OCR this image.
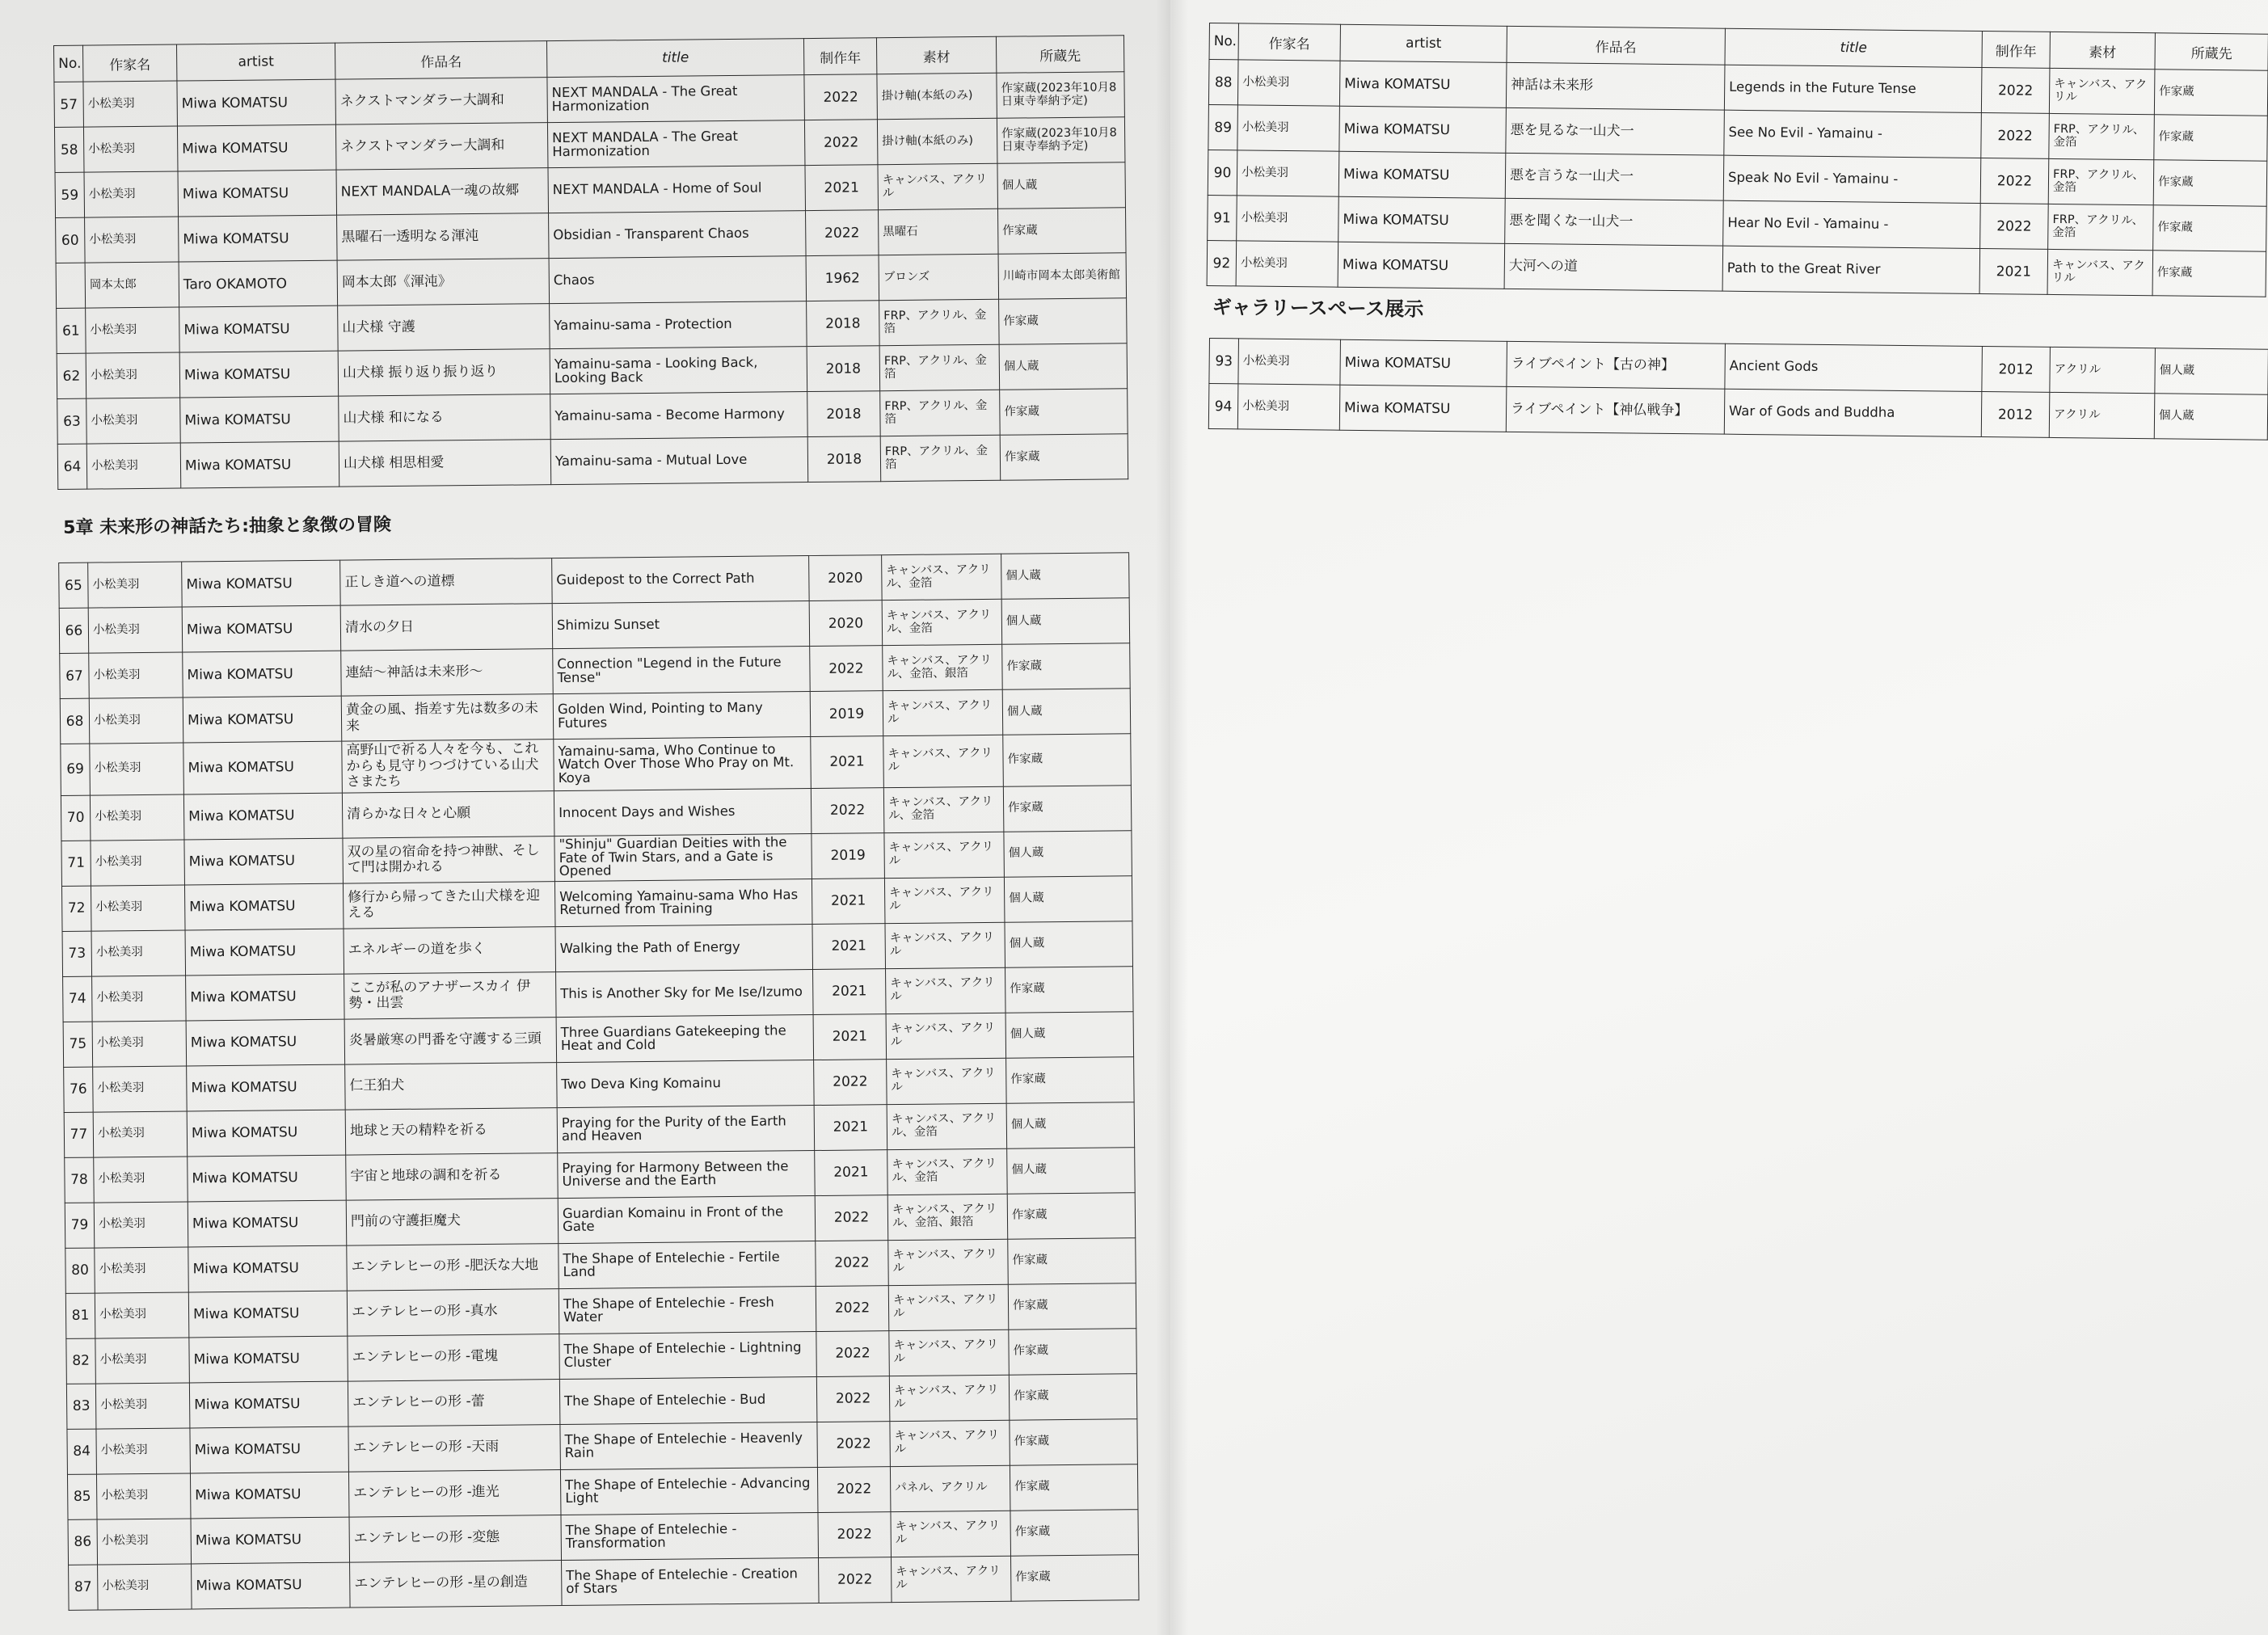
No.	作家名	artist	作品名	title	制作年	素材	所蔵先
57	小松美羽	Miwa KOMATSU	ネクストマンダラー大調和	NEXT MANDALA - The Great Harmonization	2022	掛け軸(本紙のみ)	作家蔵(2023年10月8日東寺奉納予定)
58	小松美羽	Miwa KOMATSU	ネクストマンダラー大調和	NEXT MANDALA - The Great Harmonization	2022	掛け軸(本紙のみ)	作家蔵(2023年10月8日東寺奉納予定)
59	小松美羽	Miwa KOMATSU	NEXT MANDALA一魂の故郷	NEXT MANDALA - Home of Soul	2021	キャンバス、アクリル	個人蔵
60	小松美羽	Miwa KOMATSU	黒曜石一透明なる渾沌	Obsidian - Transparent Chaos	2022	黒曜石	作家蔵
	岡本太郎	Taro OKAMOTO	岡本太郎《渾沌》	Chaos	1962	ブロンズ	川崎市岡本太郎美術館
61	小松美羽	Miwa KOMATSU	山犬様 守護	Yamainu-sama - Protection	2018	FRP、アクリル、金箔	作家蔵
62	小松美羽	Miwa KOMATSU	山犬様 振り返り振り返り	Yamainu-sama - Looking Back, Looking Back	2018	FRP、アクリル、金箔	個人蔵
63	小松美羽	Miwa KOMATSU	山犬様 和になる	Yamainu-sama - Become Harmony	2018	FRP、アクリル、金箔	作家蔵
64	小松美羽	Miwa KOMATSU	山犬様 相思相愛	Yamainu-sama - Mutual Love	2018	FRP、アクリル、金箔	作家蔵
5章 未来形の神話たち:抽象と象徴の冒険							
65	小松美羽	Miwa KOMATSU	正しき道への道標	Guidepost to the Correct Path	2020	キャンバス、アクリル、金箔	個人蔵
66	小松美羽	Miwa KOMATSU	清水の夕日	Shimizu Sunset	2020	キャンバス、アクリル、金箔	個人蔵
67	小松美羽	Miwa KOMATSU	連結〜神話は未来形〜	Connection "Legend in the Future Tense"	2022	キャンバス、アクリル、金箔、銀箔	作家蔵
68	小松美羽	Miwa KOMATSU	黄金の風、指差す先は数多の未来	Golden Wind, Pointing to Many Futures	2019	キャンバス、アクリル	個人蔵
69	小松美羽	Miwa KOMATSU	高野山で祈る人々を今も、これからも見守りつづけている山犬さまたち	Yamainu-sama, Who Continue to Watch Over Those Who Pray on Mt. Koya	2021	キャンバス、アクリル	作家蔵
70	小松美羽	Miwa KOMATSU	清らかな日々と心願	Innocent Days and Wishes	2022	キャンバス、アクリル、金箔	作家蔵
71	小松美羽	Miwa KOMATSU	双の星の宿命を持つ神獣、そして門は開かれる	"Shinju" Guardian Deities with the Fate of Twin Stars, and a Gate is Opened	2019	キャンバス、アクリル	個人蔵
72	小松美羽	Miwa KOMATSU	修行から帰ってきた山犬様を迎える	Welcoming Yamainu-sama Who Has Returned from Training	2021	キャンバス、アクリル	個人蔵
73	小松美羽	Miwa KOMATSU	エネルギーの道を歩く	Walking the Path of Energy	2021	キャンバス、アクリル	個人蔵
74	小松美羽	Miwa KOMATSU	ここが私のアナザースカイ 伊勢・出雲	This is Another Sky for Me Ise/Izumo	2021	キャンバス、アクリル	作家蔵
75	小松美羽	Miwa KOMATSU	炎暑厳寒の門番を守護する三頭	Three Guardians Gatekeeping the Heat and Cold	2021	キャンバス、アクリル	個人蔵
76	小松美羽	Miwa KOMATSU	仁王狛犬	Two Deva King Komainu	2022	キャンバス、アクリル	作家蔵
77	小松美羽	Miwa KOMATSU	地球と天の精粋を祈る	Praying for the Purity of the Earth and Heaven	2021	キャンバス、アクリル、金箔	個人蔵
78	小松美羽	Miwa KOMATSU	宇宙と地球の調和を祈る	Praying for Harmony Between the Universe and the Earth	2021	キャンバス、アクリル、金箔	個人蔵
79	小松美羽	Miwa KOMATSU	門前の守護拒魔犬	Guardian Komainu in Front of the Gate	2022	キャンバス、アクリル、金箔、銀箔	作家蔵
80	小松美羽	Miwa KOMATSU	エンテレヒーの形 -肥沃な大地	The Shape of Entelechie - Fertile Land	2022	キャンバス、アクリル	作家蔵
81	小松美羽	Miwa KOMATSU	エンテレヒーの形 -真水	The Shape of Entelechie - Fresh Water	2022	キャンバス、アクリル	作家蔵
82	小松美羽	Miwa KOMATSU	エンテレヒーの形 -電塊	The Shape of Entelechie - Lightning Cluster	2022	キャンバス、アクリル	作家蔵
83	小松美羽	Miwa KOMATSU	エンテレヒーの形 -蕾	The Shape of Entelechie - Bud	2022	キャンバス、アクリル	作家蔵
84	小松美羽	Miwa KOMATSU	エンテレヒーの形 -天雨	The Shape of Entelechie - Heavenly Rain	2022	キャンバス、アクリル	作家蔵
85	小松美羽	Miwa KOMATSU	エンテレヒーの形 -進光	The Shape of Entelechie - Advancing Light	2022	パネル、アクリル	作家蔵
86	小松美羽	Miwa KOMATSU	エンテレヒーの形 -変態	The Shape of Entelechie - Transformation	2022	キャンバス、アクリル	作家蔵
87	小松美羽	Miwa KOMATSU	エンテレヒーの形 -星の創造	The Shape of Entelechie - Creation of Stars	2022	キャンバス、アクリル	作家蔵
No.	作家名	artist	作品名	title	制作年	素材	所蔵先
88	小松美羽	Miwa KOMATSU	神話は未来形	Legends in the Future Tense	2022	キャンバス、アクリル	作家蔵
89	小松美羽	Miwa KOMATSU	悪を見るな一山犬一	See No Evil - Yamainu -	2022	FRP、アクリル、金箔	作家蔵
90	小松美羽	Miwa KOMATSU	悪を言うな一山犬一	Speak No Evil - Yamainu -	2022	FRP、アクリル、金箔	作家蔵
91	小松美羽	Miwa KOMATSU	悪を聞くな一山犬一	Hear No Evil - Yamainu -	2022	FRP、アクリル、金箔	作家蔵
92	小松美羽	Miwa KOMATSU	大河への道	Path to the Great River	2021	キャンバス、アクリル	作家蔵
ギャラリースペース展示
93	小松美羽	Miwa KOMATSU	ライブペイント【古の神】	Ancient Gods	2012	アクリル	個人蔵
94	小松美羽	Miwa KOMATSU	ライブペイント【神仏戦争】	War of Gods and Buddha	2012	アクリル	個人蔵
